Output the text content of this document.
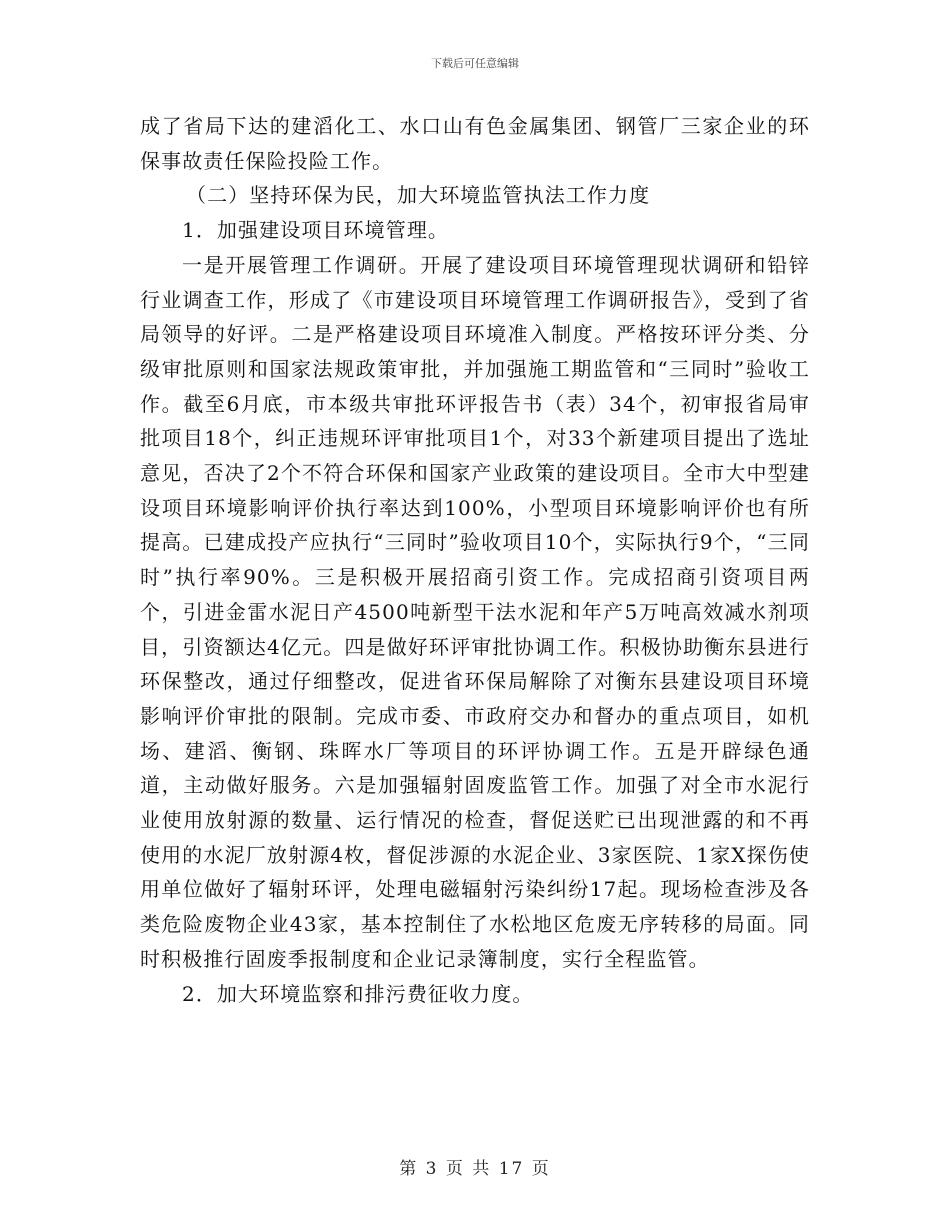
下载后可任意编辑

成了省局下达的建滔化工、水口山有色金属集团、钢管厂三家企业的环保事故责任保险投险工作。

（二）坚持环保为民，加大环境监管执法工作力度

1．加强建设项目环境管理。

一是开展管理工作调研。开展了建设项目环境管理现状调研和铅锌行业调查工作，形成了《市建设项目环境管理工作调研报告》，受到了省局领导的好评。二是严格建设项目环境准入制度。严格按环评分类、分级审批原则和国家法规政策审批，并加强施工期监管和“三同时”验收工作。截至6月底，市本级共审批环评报告书（表）34个，初审报省局审批项目18个，纠正违规环评审批项目1个，对33个新建项目提出了选址意见，否决了2个不符合环保和国家产业政策的建设项目。全市大中型建设项目环境影响评价执行率达到100%，小型项目环境影响评价也有所提高。已建成投产应执行“三同时”验收项目10个，实际执行9个，“三同时”执行率90%。三是积极开展招商引资工作。完成招商引资项目两个，引进金雷水泥日产4500吨新型干法水泥和年产5万吨高效减水剂项目，引资额达4亿元。四是做好环评审批协调工作。积极协助衡东县进行环保整改，通过仔细整改，促进省环保局解除了对衡东县建设项目环境影响评价审批的限制。完成市委、市政府交办和督办的重点项目，如机场、建滔、衡钢、珠晖水厂等项目的环评协调工作。五是开辟绿色通道，主动做好服务。六是加强辐射固废监管工作。加强了对全市水泥行业使用放射源的数量、运行情况的检查，督促送贮已出现泄露的和不再使用的水泥厂放射源4枚，督促涉源的水泥企业、3家医院、1家X探伤使用单位做好了辐射环评，处理电磁辐射污染纠纷17起。现场检查涉及各类危险废物企业43家，基本控制住了水松地区危废无序转移的局面。同时积极推行固废季报制度和企业记录簿制度，实行全程监管。

2．加大环境监察和排污费征收力度。

第 3 页 共 17 页
